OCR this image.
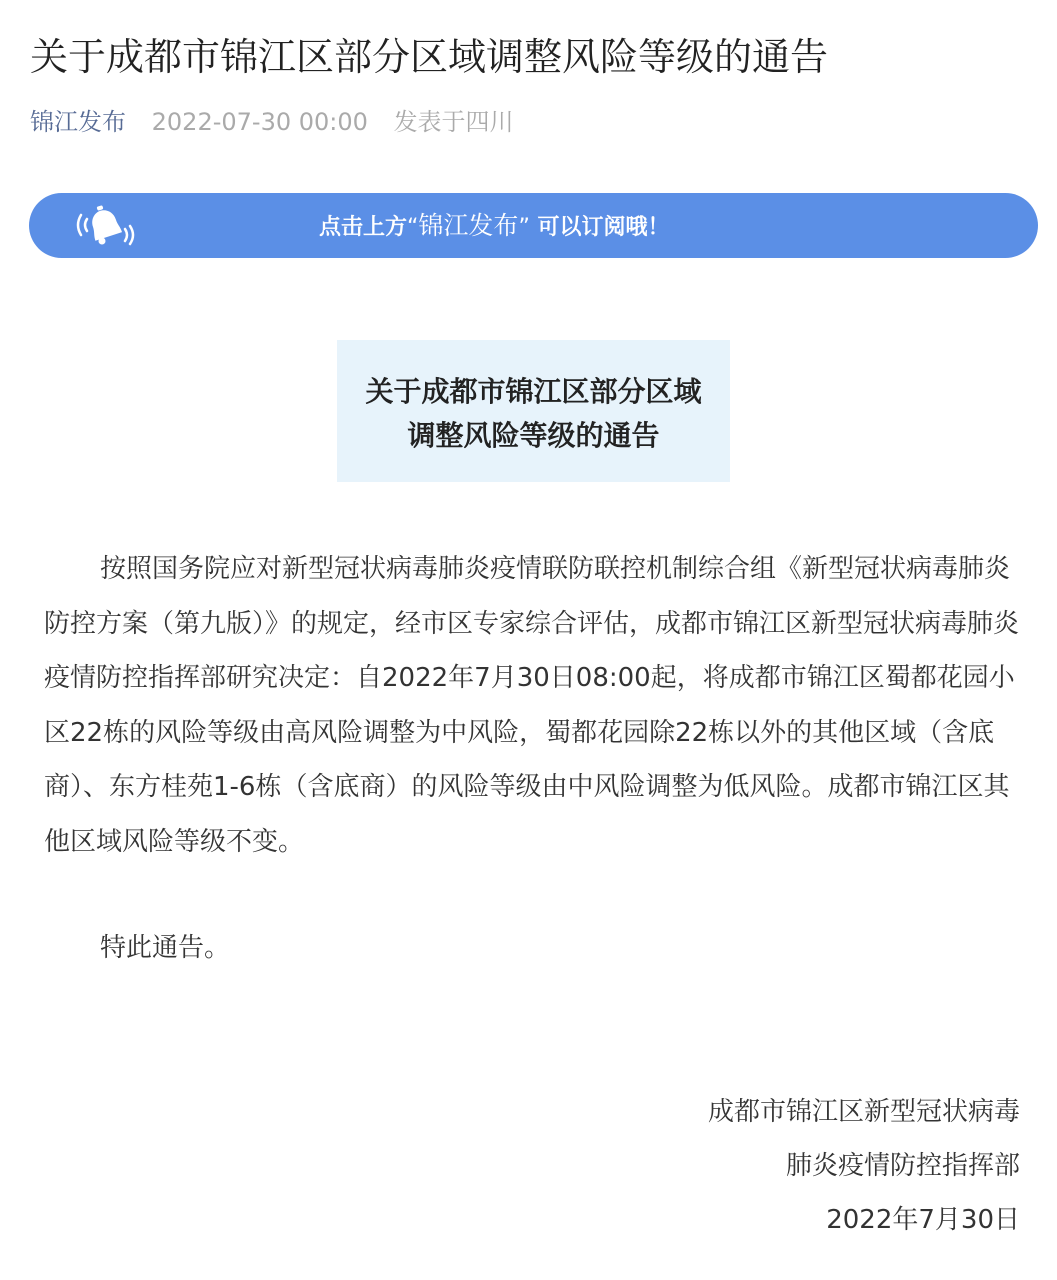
关于成都市锦江区部分区域调整风险等级的通告
锦江发布 2022-07-30 00:00 发表于四川
点击上方“锦江发布” 可以订阅哦！
关于成都市锦江区部分区域
调整风险等级的通告

按照国务院应对新型冠状病毒肺炎疫情联防联控机制综合组《新型冠状病毒肺炎防控方案（第九版）》的规定，经市区专家综合评估，成都市锦江区新型冠状病毒肺炎疫情防控指挥部研究决定：自2022年7月30日08:00起，将成都市锦江区蜀都花园小区22栋的风险等级由高风险调整为中风险，蜀都花园除22栋以外的其他区域（含底商）、东方桂苑1-6栋（含底商）的风险等级由中风险调整为低风险。成都市锦江区其他区域风险等级不变。

特此通告。

成都市锦江区新型冠状病毒

肺炎疫情防控指挥部

2022年7月30日
